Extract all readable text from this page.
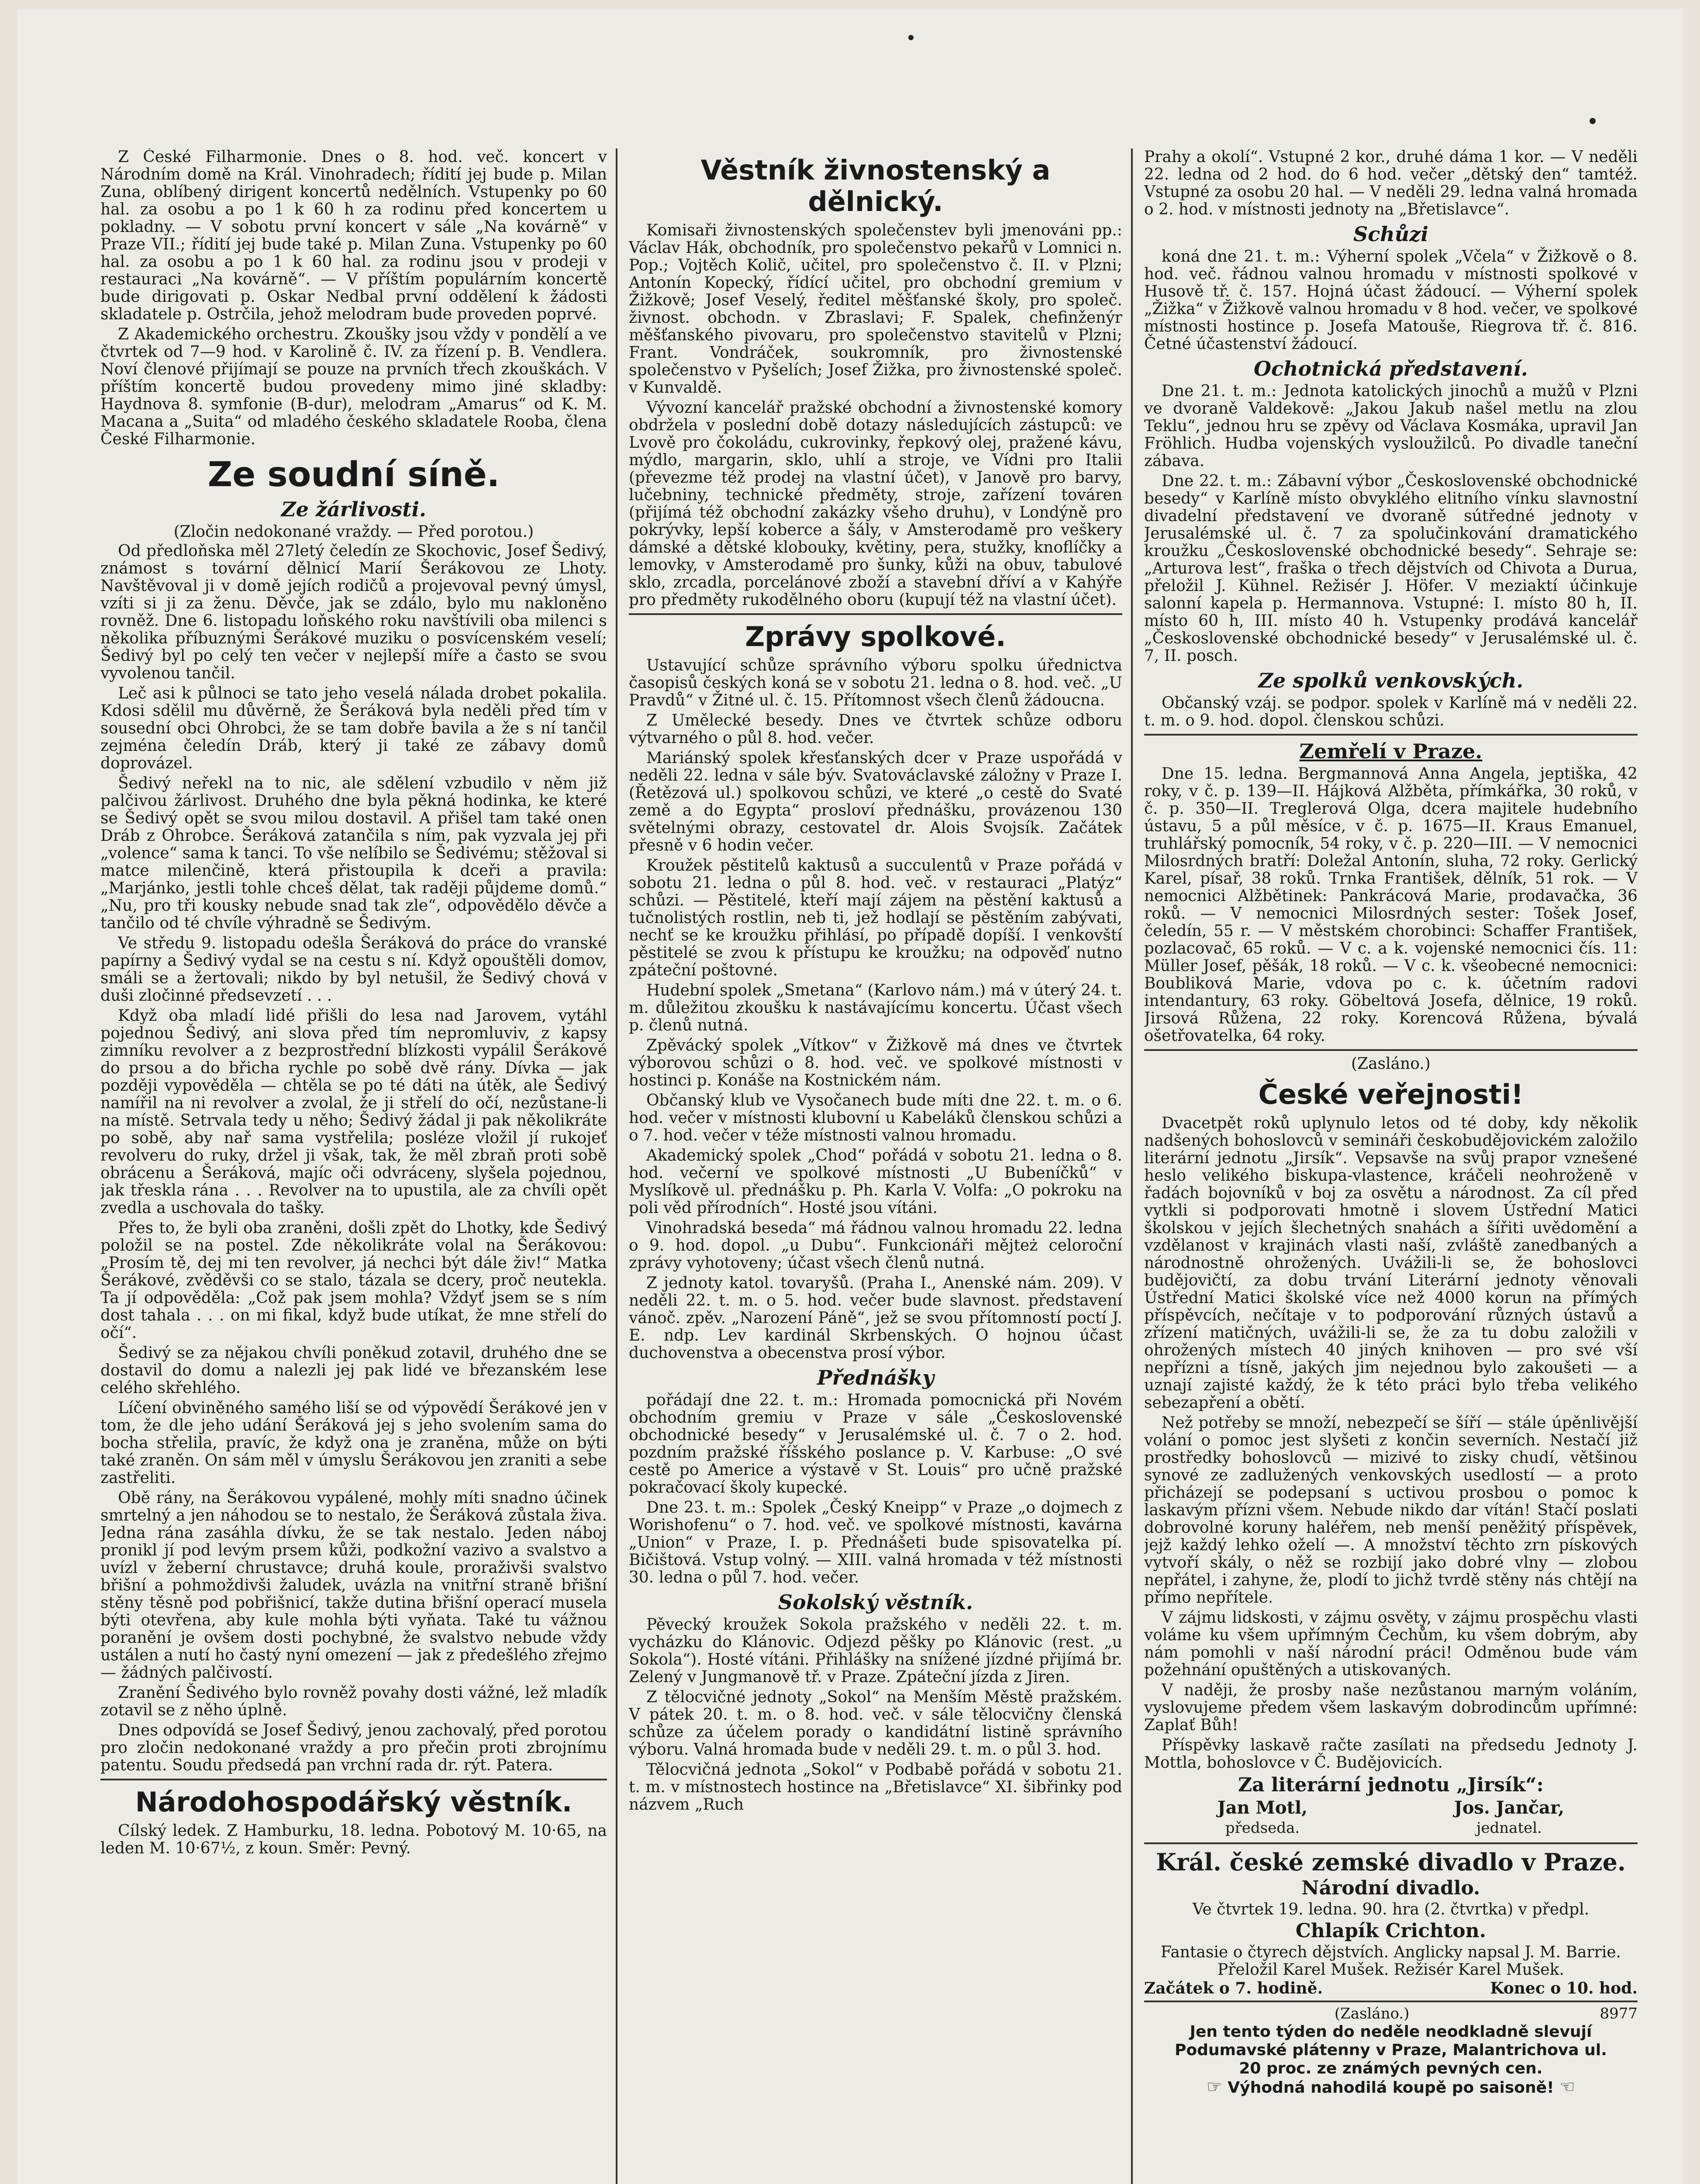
Z České Filharmonie. Dnes o 8. hod. več. koncert v Národním domě na Král. Vinohradech; řídití jej bude p. Milan Zuna, oblíbený dirigent koncertů nedělních. Vstupenky po 60 hal. za osobu a po 1 k 60 h za rodinu před koncertem u pokladny. — V sobotu první koncert v sále „Na kovárně“ v Praze VII.; řídití jej bude také p. Milan Zuna. Vstupenky po 60 hal. za osobu a po 1 k 60 hal. za rodinu jsou v prodeji v restauraci „Na kovárně“. — V příštím populárním koncertě bude dirigovati p. Oskar Nedbal první oddělení k žádosti skladatele p. Ostrčila, jehož melodram bude proveden poprvé.

Z Akademického orchestru. Zkoušky jsou vždy v pondělí a ve čtvrtek od 7—9 hod. v Karolině č. IV. za řízení p. B. Vendlera. Noví členové přijímají se pouze na prvních třech zkouškách. V příštím koncertě budou provedeny mimo jiné skladby: Haydnova 8. symfonie (B-dur), melodram „Amarus“ od K. M. Macana a „Suita“ od mladého českého skladatele Rooba, člena České Filharmonie.

Ze soudní síně.
Ze žárlivosti.
(Zločin nedokonané vraždy. — Před porotou.)

Od předloňska měl 27letý čeledín ze Skochovic, Josef Šedivý, známost s tovární dělnicí Marií Šerákovou ze Lhoty. Navštěvoval ji v domě jejích rodičů a projevoval pevný úmysl, vzíti si ji za ženu. Děvče, jak se zdálo, bylo mu nakloněno rovněž. Dne 6. listopadu loňského roku navštívili oba milenci s několika příbuznými Šerákové muziku o posvícenském veselí; Šedivý byl po celý ten večer v nejlepší míře a často se svou vyvolenou tančil.

Leč asi k půlnoci se tato jeho veselá nálada drobet pokalila. Kdosi sdělil mu důvěrně, že Šeráková byla neděli před tím v sousední obci Ohrobci, že se tam dobře bavila a že s ní tančil zejména čeledín Dráb, který ji také ze zábavy domů doprovázel.

Šedivý neřekl na to nic, ale sdělení vzbudilo v něm již palčivou žárlivost. Druhého dne byla pěkná hodinka, ke které se Šedivý opět se svou milou dostavil. A přišel tam také onen Dráb z Ohrobce. Šeráková zatančila s ním, pak vyzvala jej při „volence“ sama k tanci. To vše nelíbilo se Šedivému; stěžoval si matce milenčině, která přistoupila k dceři a pravila: „Marjánko, jestli tohle chceš dělat, tak raději půjdeme domů.“ „Nu, pro tři kousky nebude snad tak zle“, odpovědělo děvče a tančilo od té chvíle výhradně se Šedivým.

Ve středu 9. listopadu odešla Šeráková do práce do vranské papírny a Šedivý vydal se na cestu s ní. Když opouštěli domov, smáli se a žertovali; nikdo by byl netušil, že Šedivý chová v duši zločinné předsevzetí . . .

Když oba mladí lidé přišli do lesa nad Jarovem, vytáhl pojednou Šedivý, ani slova před tím nepromluviv, z kapsy zimníku revolver a z bezprostřední blízkosti vypálil Šerákové do prsou a do břicha rychle po sobě dvě rány. Dívka — jak později vypověděla — chtěla se po té dáti na útěk, ale Šedivý namířil na ni revolver a zvolal, že ji střelí do očí, nezůstane-li na místě. Setrvala tedy u něho; Šedivý žádal ji pak několikráte po sobě, aby nař sama vystřelila; posléze vložil jí rukojeť revolveru do ruky, držel ji však, tak, že měl zbraň proti sobě obrácenu a Šeráková, majíc oči odvráceny, slyšela pojednou, jak třeskla rána . . . Revolver na to upustila, ale za chvíli opět zvedla a uschovala do tašky.

Přes to, že byli oba zraněni, došli zpět do Lhotky, kde Šedivý položil se na postel. Zde několikráte volal na Šerákovou: „Prosím tě, dej mi ten revolver, já nechci být dále živ!“ Matka Šerákové, zvěděvši co se stalo, tázala se dcery, proč neutekla. Ta jí odpověděla: „Což pak jsem mohla? Vždyť jsem se s ním dost tahala . . . on mi fikal, když bude utíkat, že mne střelí do očí“.

Šedivý se za nějakou chvíli poněkud zotavil, druhého dne se dostavil do domu a nalezli jej pak lidé ve březanském lese celého skřehlého.

Líčení obviněného samého liší se od výpovědí Šerákové jen v tom, že dle jeho udání Šeráková jej s jeho svolením sama do bocha střelila, pravíc, že když ona je zraněna, může on býti také zraněn. On sám měl v úmyslu Šerákovou jen zraniti a sebe zastřeliti.

Obě rány, na Šerákovou vypálené, mohly míti snadno účinek smrtelný a jen náhodou se to nestalo, že Šeráková zůstala živa. Jedna rána zasáhla dívku, že se tak nestalo. Jeden náboj pronikl jí pod levým prsem kůži, podkožní vazivo a svalstvo a uvízl v žeberní chrustavce; druhá koule, proraživši svalstvo břišní a pohmoždivši žaludek, uvázla na vnitřní straně břišní stěny těsně pod pobřišnicí, takže dutina břišní operací musela býti otevřena, aby kule mohla býti vyňata. Také tu vážnou poranění je ovšem dosti pochybné, že svalstvo nebude vždy ustálen a nutí ho častý nyní omezení — jak z předešlého zřejmo — žádných palčivostí.

Zranění Šedivého bylo rovněž povahy dosti vážné, lež mladík zotavil se z něho úplně.

Dnes odpovídá se Josef Šedivý, jenou zachovalý, před porotou pro zločin nedokonané vraždy a pro přečin proti zbrojnímu patentu. Soudu předsedá pan vrchní rada dr. rýt. Patera.

Národohospodářský věstník.

Cílský ledek. Z Hamburku, 18. ledna. Pobotový M. 10·65, na leden M. 10·67½, z koun. Směr: Pevný.

Věstník živnostenský a dělnický.

Komisaři živnostenských společenstev byli jmenováni pp.: Václav Hák, obchodník, pro společenstvo pekařů v Lomnici n. Pop.; Vojtěch Količ, učitel, pro společenstvo č. II. v Plzni; Antonín Kopecký, řídící učitel, pro obchodní gremium v Žižkově; Josef Veselý, ředitel měšťanské školy, pro společ. živnost. obchodn. v Zbraslavi; F. Spalek, chefinženýr měšťanského pivovaru, pro společenstvo stavitelů v Plzni; Frant. Vondráček, soukromník, pro živnostenské společenstvo v Pyšelích; Josef Žižka, pro živnostenské společ. v Kunvaldě.

Vývozní kancelář pražské obchodní a živnostenské komory obdržela v poslední době dotazy následujících zástupců: ve Lvově pro čokoládu, cukrovinky, řepkový olej, pražené kávu, mýdlo, margarin, sklo, uhlí a stroje, ve Vídni pro Italii (převezme též prodej na vlastní účet), v Janově pro barvy, lučebniny, technické předměty, stroje, zařízení továren (přijímá též obchodní zakázky všeho druhu), v Londýně pro pokrývky, lepší koberce a šály, v Amsterodamě pro veškery dámské a dětské klobouky, květiny, pera, stužky, knoflíčky a lemovky, v Amsterodamě pro šunky, kůži na obuv, tabulové sklo, zrcadla, porcelánové zboží a stavební dříví a v Kahýře pro předměty rukodělného oboru (kupují též na vlastní účet).

Zprávy spolkové.

Ustavující schůze správního výboru spolku úřednictva časopisů českých koná se v sobotu 21. ledna o 8. hod. več. „U Pravdů“ v Žitné ul. č. 15. Přítomnost všech členů žádoucna.

Z Umělecké besedy. Dnes ve čtvrtek schůze odboru výtvarného o půl 8. hod. večer.

Mariánský spolek křesťanských dcer v Praze uspořádá v neděli 22. ledna v sále býv. Svatováclavské záložny v Praze I. (Řetězová ul.) spolkovou schůzi, ve které „o cestě do Svaté země a do Egypta“ prosloví přednášku, provázenou 130 světelnými obrazy, cestovatel dr. Alois Svojsík. Začátek přesně v 6 hodin večer.

Kroužek pěstitelů kaktusů a succulentů v Praze pořádá v sobotu 21. ledna o půl 8. hod. več. v restauraci „Platýz“ schůzi. — Pěstitelé, kteří mají zájem na pěstění kaktusů a tučnolistých rostlin, neb ti, jež hodlají se pěstěním zabývati, nechť se ke kroužku přihlásí, po případě dopíší. I venkovští pěstitelé se zvou k přístupu ke kroužku; na odpověď nutno zpáteční poštovné.

Hudební spolek „Smetana“ (Karlovo nám.) má v úterý 24. t. m. důležitou zkoušku k nastávajícímu koncertu. Účast všech p. členů nutná.

Zpěvácký spolek „Vítkov“ v Žižkově má dnes ve čtvrtek výborovou schůzi o 8. hod. več. ve spolkové místnosti v hostinci p. Konáše na Kostnickém nám.

Občanský klub ve Vysočanech bude míti dne 22. t. m. o 6. hod. večer v místnosti klubovní u Kabeláků členskou schůzi a o 7. hod. večer v téže místnosti valnou hromadu.

Akademický spolek „Chod“ pořádá v sobotu 21. ledna o 8. hod. večerní ve spolkové místnosti „U Bubeníčků“ v Myslíkově ul. přednášku p. Ph. Karla V. Volfa: „O pokroku na poli věd přírodních“. Hosté jsou vítáni.

Vinohradská beseda“ má řádnou valnou hromadu 22. ledna o 9. hod. dopol. „u Dubu“. Funkcionáři mějteż celoroční zprávy vyhotoveny; účast všech členů nutná.

Z jednoty katol. tovaryšů. (Praha I., Anenské nám. 209). V neděli 22. t. m. o 5. hod. večer bude slavnost. představení vánoč. zpěv. „Narození Páně“, jež se svou přítomností poctí J. E. ndp. Lev kardinál Skrbenských. O hojnou účast duchovenstva a obecenstva prosí výbor.

Přednášky

pořádají dne 22. t. m.: Hromada pomocnická při Novém obchodním gremiu v Praze v sále „Československé obchodnické besedy“ v Jerusalémské ul. č. 7 o 2. hod. pozdním pražské říšského poslance p. V. Karbuse: „O své cestě po Americe a výstavě v St. Louis“ pro učně pražské pokračovací školy kupecké.

Dne 23. t. m.: Spolek „Český Kneipp“ v Praze „o dojmech z Worishofenu“ o 7. hod. več. ve spolkové místnosti, kavárna „Union“ v Praze, I. p. Přednášeti bude spisovatelka pí. Bičištová. Vstup volný. — XIII. valná hromada v též místnosti 30. ledna o půl 7. hod. večer.

Sokolský věstník.

Pěvecký kroužek Sokola pražského v neděli 22. t. m. vycházku do Klánovic. Odjezd pěšky po Klánovic (rest. „u Sokola“). Hosté vítáni. Přihlášky na snížené jízdné přijímá br. Zelený v Jungmanově tř. v Praze. Zpáteční jízda z Jiren.

Z tělocvičné jednoty „Sokol“ na Menším Městě pražském. V pátek 20. t. m. o 8. hod. več. v sále tělocvičny členská schůze za účelem porady o kandidátní listině správního výboru. Valná hromada bude v neděli 29. t. m. o půl 3. hod.

Tělocvičná jednota „Sokol“ v Podbabě pořádá v sobotu 21. t. m. v místnostech hostince na „Břetislavce“ XI. šibřinky pod názvem „Ruch

Prahy a okolí“. Vstupné 2 kor., druhé dáma 1 kor. — V neděli 22. ledna od 2 hod. do 6 hod. večer „dětský den“ tamtéž. Vstupné za osobu 20 hal. — V neděli 29. ledna valná hromada o 2. hod. v místnosti jednoty na „Břetislavce“.

Schůzi

koná dne 21. t. m.: Výherní spolek „Včela“ v Žižkově o 8. hod. več. řádnou valnou hromadu v místnosti spolkové v Husově tř. č. 157. Hojná účast žádoucí. — Výherní spolek „Žižka“ v Žižkově valnou hromadu v 8 hod. večer, ve spolkové místnosti hostince p. Josefa Matouše, Riegrova tř. č. 816. Četné účastenství žádoucí.

Ochotnická představení.

Dne 21. t. m.: Jednota katolických jinochů a mužů v Plzni ve dvoraně Valdekově: „Jakou Jakub našel metlu na zlou Teklu“, jednou hru se zpěvy od Václava Kosmáka, upravil Jan Fröhlich. Hudba vojenských vysloužilců. Po divadle taneční zábava.

Dne 22. t. m.: Zábavní výbor „Československé obchodnické besedy“ v Karlíně místo obvyklého elitního vínku slavnostní divadelní představení ve dvoraně sútředné jednoty v Jerusalémské ul. č. 7 za spolučinkování dramatického kroužku „Československé obchodnické besedy“. Sehraje se: „Arturova lest“, fraška o třech dějstvích od Chivota a Durua, přeložil J. Kühnel. Režisér J. Höfer. V meziaktí účinkuje salonní kapela p. Hermannova. Vstupné: I. místo 80 h, II. místo 60 h, III. místo 40 h. Vstupenky prodává kancelář „Československé obchodnické besedy“ v Jerusalémské ul. č. 7, II. posch.

Ze spolků venkovských.

Občanský vzáj. se podpor. spolek v Karlíně má v neděli 22. t. m. o 9. hod. dopol. členskou schůzi.

Zemřelí v Praze.

Dne 15. ledna. Bergmannová Anna Angela, jeptiška, 42 roky, v č. p. 139—II. Hájková Alžběta, přímkářka, 30 roků, v č. p. 350—II. Treglerová Olga, dcera majitele hudebního ústavu, 5 a půl měsíce, v č. p. 1675—II. Kraus Emanuel, truhlářský pomocník, 54 roky, v č. p. 220—III. — V nemocnici Milosrdných bratří: Doležal Antonín, sluha, 72 roky. Gerlický Karel, písař, 38 roků. Trnka František, dělník, 51 rok. — V nemocnici Alžbětinek: Pankrácová Marie, prodavačka, 36 roků. — V nemocnici Milosrdných sester: Tošek Josef, čeledín, 55 r. — V městském chorobinci: Schaffer František, pozlacovač, 65 roků. — V c. a k. vojenské nemocnici čís. 11: Müller Josef, pěšák, 18 roků. — V c. k. všeobecné nemocnici: Boubliková Marie, vdova po c. k. účetním radovi intendantury, 63 roky. Göbeltová Josefa, dělnice, 19 roků. Jirsová Růžena, 22 roky. Korencová Růžena, bývalá ošetřovatelka, 64 roky.

(Zasláno.)
České veřejnosti!

Dvacetpět roků uplynulo letos od té doby, kdy několik nadšených bohoslovců v semináři českobudějovickém založilo literární jednotu „Jirsík“. Vepsavše na svůj prapor vznešené heslo velikého biskupa-vlastence, kráčeli neohroženě v řadách bojovníků v boj za osvětu a národnost. Za cíl před vytkli si podporovati hmotně i slovem Ústřední Matici školskou v jejích šlechetných snahách a šířiti uvědomění a vzdělanost v krajinách vlasti naší, zvláště zanedbaných a národnostně ohrožených. Uvážili-li se, že bohoslovci budějovičtí, za dobu trvání Literární jednoty věnovali Ústřední Matici školské více než 4000 korun na přímých příspěvcích, nečítaje v to podporování různých ústavů a zřízení matičných, uvážili-li se, že za tu dobu založili v ohrožených místech 40 jiných knihoven — pro své vší nepřízni a tísně, jakých jim nejednou bylo zakoušeti — a uznají zajisté každý, že k této práci bylo třeba velikého sebezapření a obětí.

Než potřeby se množí, nebezpečí se šíří — stále úpěnlivější volání o pomoc jest slyšeti z končin severních. Nestačí již prostředky bohoslovců — mizivé to zisky chudí, většinou synové ze zadlužených venkovských usedlostí — a proto přicházejí se podepsaní s uctivou prosbou o pomoc k laskavým přízni všem. Nebude nikdo dar vítán! Stačí poslati dobrovolné koruny haléřem, neb menší peněžitý příspěvek, jejž každý lehko oželí —. A množství těchto zrn pískových vytvoří skály, o něž se rozbijí jako dobré vlny — zlobou nepřátel, i zahyne, že, plodí to jichž tvrdě stěny nás chtějí na přímo nepřítele.

V zájmu lidskosti, v zájmu osvěty, v zájmu prospěchu vlasti voláme ku všem upřímným Čechům, ku všem dobrým, aby nám pomohli v naší národní práci! Odměnou bude vám požehnání opuštěných a utiskovaných.

V naději, že prosby naše nezůstanou marným voláním, vyslovujeme předem všem laskavým dobrodincům upřímné: Zaplať Bůh!

Příspěvky laskavě račte zasílati na předsedu Jednoty J. Mottla, bohoslovce v Č. Budějovicích.

Za literární jednotu „Jirsík“:
Jan Motl,
předseda.
Jos. Jančar,
jednatel.
Král. české zemské divadlo v Praze.
Národní divadlo.
Ve čtvrtek 19. ledna. 90. hra (2. čtvrtka) v předpl.
Chlapík Crichton.
Fantasie o čtyrech dějstvích. Anglicky napsal J. M. Barrie. Přeložil Karel Mušek. Režisér Karel Mušek.
Začátek o 7. hodině.	Konec o 10. hod.
(Zasláno.)	8977
Jen tento týden do neděle neodkladně slevují
Podumavské plátenny v Praze, Malantrichova ul.
20 proc. ze známých pevných cen.
☞ Výhodná nahodilá koupě po saisoně! ☜
